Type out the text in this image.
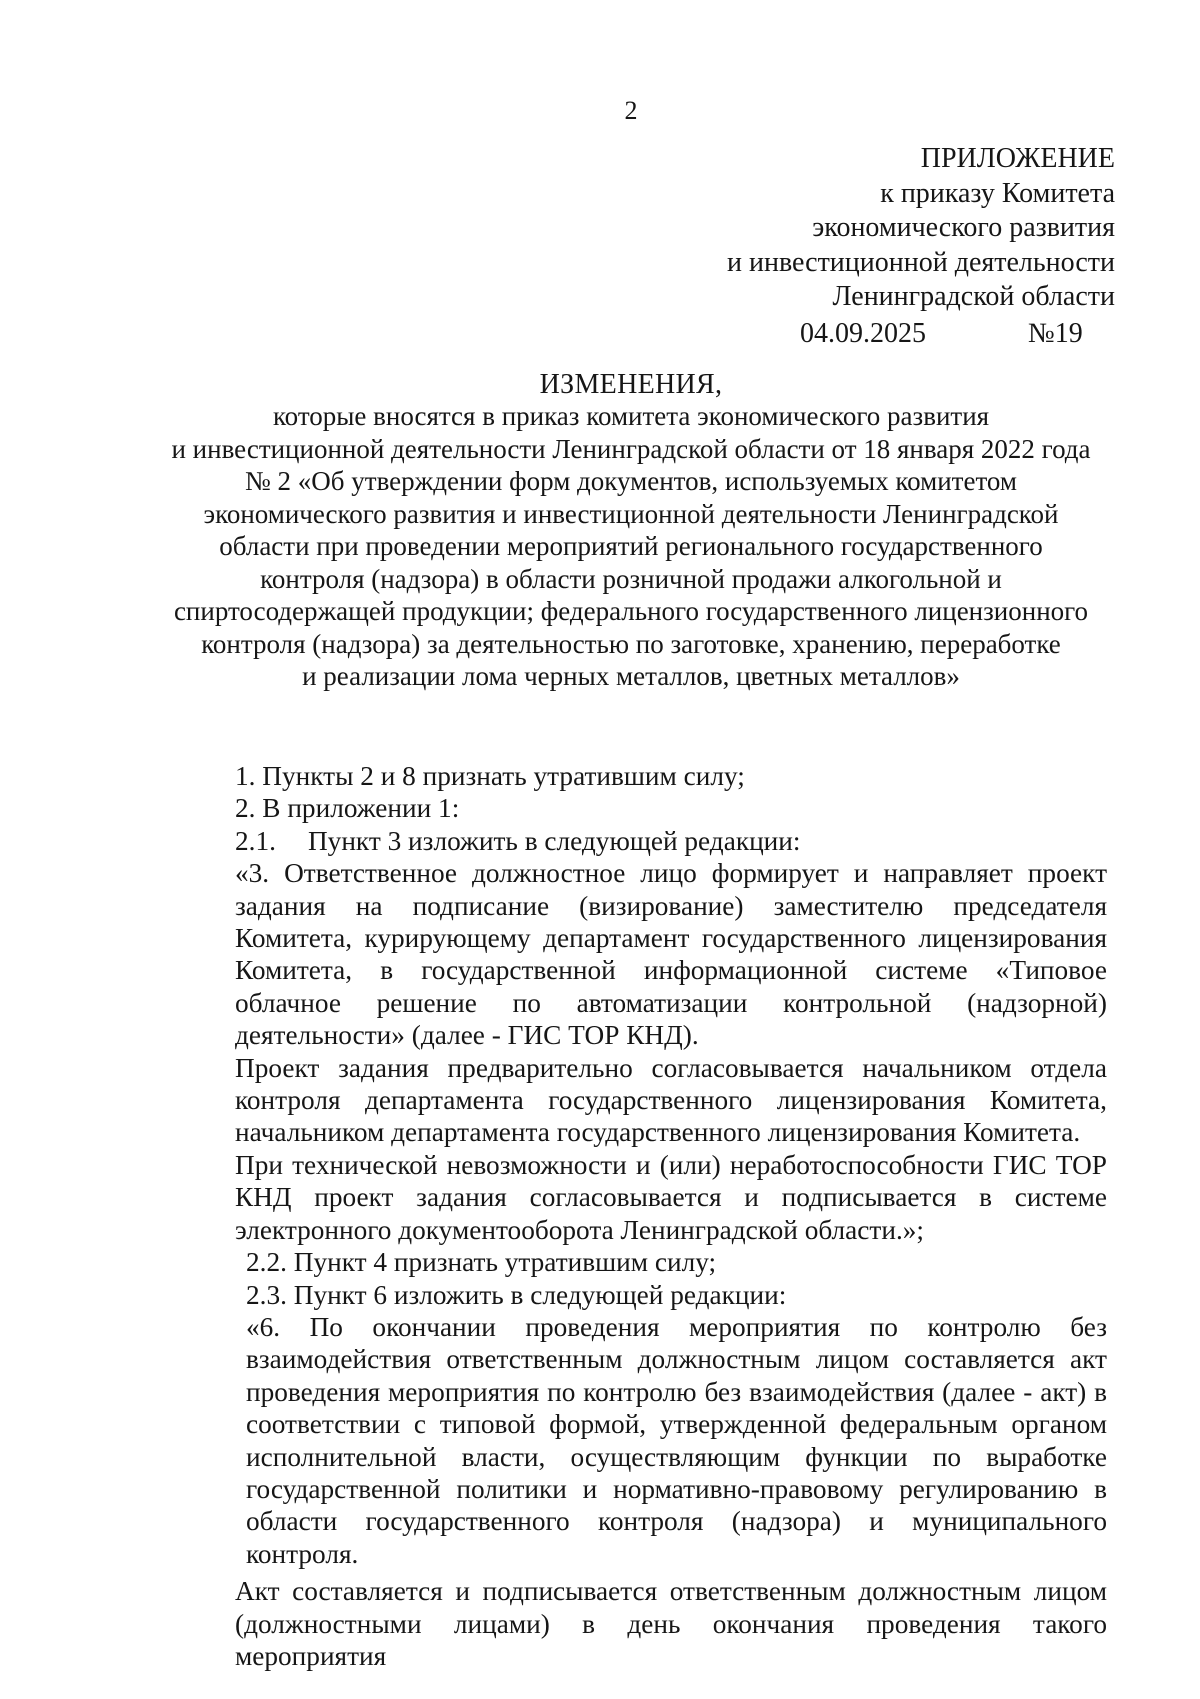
2
ПРИЛОЖЕНИЕ
к приказу Комитета
экономического развития
и инвестиционной деятельности
Ленинградской области
04.09.2025	№19
ИЗМЕНЕНИЯ,
которые вносятся в приказ комитета экономического развития
и инвестиционной деятельности Ленинградской области от 18 января 2022 года
№ 2 «Об утверждении форм документов, используемых комитетом
экономического развития и инвестиционной деятельности Ленинградской
области при проведении мероприятий регионального государственного
контроля (надзора) в области розничной продажи алкогольной и
спиртосодержащей продукции; федерального государственного лицензионного
контроля (надзора) за деятельностью по заготовке, хранению, переработке
и реализации лома черных металлов, цветных металлов»

1. Пункты 2 и 8 признать утратившим силу;

2. В приложении 1:

2.1. Пункт 3 изложить в следующей редакции:

«3. Ответственное должностное лицо формирует и направляет проект задания на подписание (визирование) заместителю председателя Комитета, курирующему департамент государственного лицензирования Комитета, в государственной информационной системе «Типовое облачное решение по автоматизации контрольной (надзорной) деятельности» (далее - ГИС ТОР КНД).

Проект задания предварительно согласовывается начальником отдела контроля департамента государственного лицензирования Комитета, начальником департамента государственного лицензирования Комитета.

При технической невозможности и (или) неработоспособности ГИС ТОР КНД проект задания согласовывается и подписывается в системе электронного документооборота Ленинградской области.»;

2.2. Пункт 4 признать утратившим силу;

2.3. Пункт 6 изложить в следующей редакции:

«6. По окончании проведения мероприятия по контролю без взаимодействия ответственным должностным лицом составляется акт проведения мероприятия по контролю без взаимодействия (далее - акт) в соответствии с типовой формой, утвержденной федеральным органом исполнительной власти, осуществляющим функции по выработке государственной политики и нормативно-правовому регулированию в области государственного контроля (надзора) и муниципального контроля.

Акт составляется и подписывается ответственным должностным лицом (должностными лицами) в день окончания проведения такого мероприятия
